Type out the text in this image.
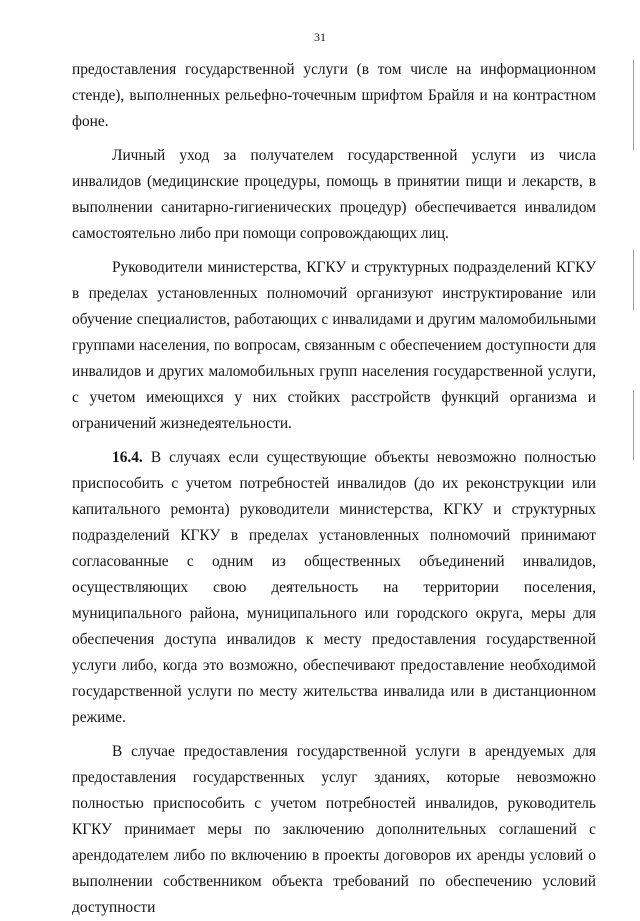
31

предоставления государственной услуги (в том числе на информационном стенде), выполненных рельефно-точечным шрифтом Брайля и на контрастном фоне.

Личный уход за получателем государственной услуги из числа инвалидов (медицинские процедуры, помощь в принятии пищи и лекарств, в выполнении санитарно-гигиенических процедур) обеспечивается инвалидом самостоятельно либо при помощи сопровождающих лиц.

Руководители министерства, КГКУ и структурных подразделений КГКУ в пределах установленных полномочий организуют инструктирование или обучение специалистов, работающих с инвалидами и другим маломобильными группами населения, по вопросам, связанным с обеспечением доступности для инвалидов и других маломобильных групп населения государственной услуги, с учетом имеющихся у них стойких расстройств функций организма и ограничений жизнедеятельности.

16.4. В случаях если существующие объекты невозможно полностью приспособить с учетом потребностей инвалидов (до их реконструкции или капитального ремонта) руководители министерства, КГКУ и структурных подразделений КГКУ в пределах установленных полномочий принимают согласованные с одним из общественных объединений инвалидов, осуществляющих свою деятельность на территории поселения, муниципального района, муниципального или городского округа, меры для обеспечения доступа инвалидов к месту предоставления государственной услуги либо, когда это возможно, обеспечивают предоставление необходимой государственной услуги по месту жительства инвалида или в дистанционном режиме.

В случае предоставления государственной услуги в арендуемых для предоставления государственных услуг зданиях, которые невозможно полностью приспособить с учетом потребностей инвалидов, руководитель КГКУ принимает меры по заключению дополнительных соглашений с арендодателем либо по включению в проекты договоров их аренды условий о выполнении собственником объекта требований по обеспечению условий доступности
